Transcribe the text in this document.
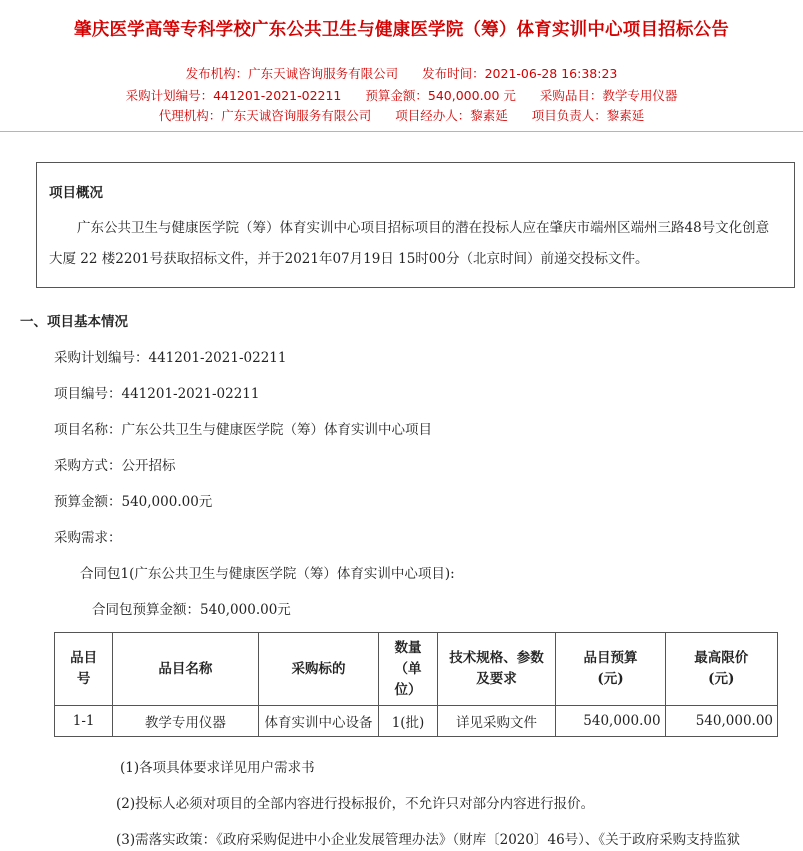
肇庆医学高等专科学校广东公共卫生与健康医学院（筹）体育实训中心项目招标公告
发布机构：广东天诚咨询服务有限公司 发布时间：2021-06-28 16:38:23
采购计划编号：441201-2021-02211 预算金额：540,000.00 元 采购品目：教学专用仪器
代理机构：广东天诚咨询服务有限公司 项目经办人：黎素延 项目负责人：黎素延
项目概况
广东公共卫生与健康医学院（筹）体育实训中心项目招标项目的潜在投标人应在肇庆市端州区端州三路48号文化创意大厦 22 楼2201号获取招标文件，并于2021年07月19日 15时00分（北京时间）前递交投标文件。
一、项目基本情况
采购计划编号：441201-2021-02211
项目编号：441201-2021-02211
项目名称：广东公共卫生与健康医学院（筹）体育实训中心项目
采购方式：公开招标
预算金额：540,000.00元
采购需求：
合同包1(广东公共卫生与健康医学院（筹）体育实训中心项目):
合同包预算金额：540,000.00元
品目号	品目名称	采购标的	数量（单位）	技术规格、参数及要求	品目预算(元)	最高限价(元)
1-1	教学专用仪器	体育实训中心设备	1(批)	详见采购文件	540,000.00	540,000.00
(1)各项具体要求详见用户需求书
(2)投标人必须对项目的全部内容进行投标报价，不允许只对部分内容进行报价。
(3)需落实政策：《政府采购促进中小企业发展管理办法》（财库〔2020〕46号）、《关于政府采购支持监狱
